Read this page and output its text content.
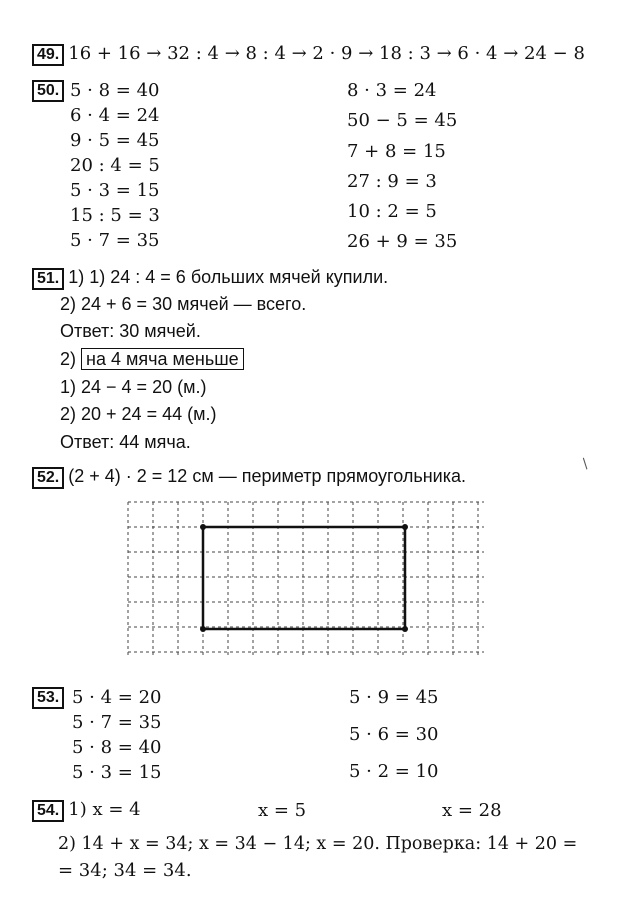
49. 16 + 16 → 32 : 4 → 8 : 4 → 2 · 9 → 18 : 3 → 6 · 4 → 24 − 8
50. 5 · 8 = 40
6 · 4 = 24
9 · 5 = 45
20 : 4 = 5
5 · 3 = 15
15 : 5 = 3
5 · 7 = 35
8 · 3 = 24
50 − 5 = 45
7 + 8 = 15
27 : 9 = 3
10 : 2 = 5
26 + 9 = 35
51. 1) 1) 24 : 4 = 6 больших мячей купили.
2) 24 + 6 = 30 мячей — всего.
Ответ: 30 мячей.
2) на 4 мяча меньше
1) 24 − 4 = 20 (м.)
2) 20 + 24 = 44 (м.)
Ответ: 44 мяча.
52. (2 + 4) · 2 = 12 см — периметр прямоугольника.
/
53. 5 · 4 = 20
5 · 7 = 35
5 · 8 = 40
5 · 3 = 15
5 · 9 = 45
5 · 6 = 30
5 · 2 = 10
54. 1) x = 4	x = 5	x = 28
2) 14 + x = 34; x = 34 − 14; x = 20. Проверка: 14 + 20 =
= 34; 34 = 34.
